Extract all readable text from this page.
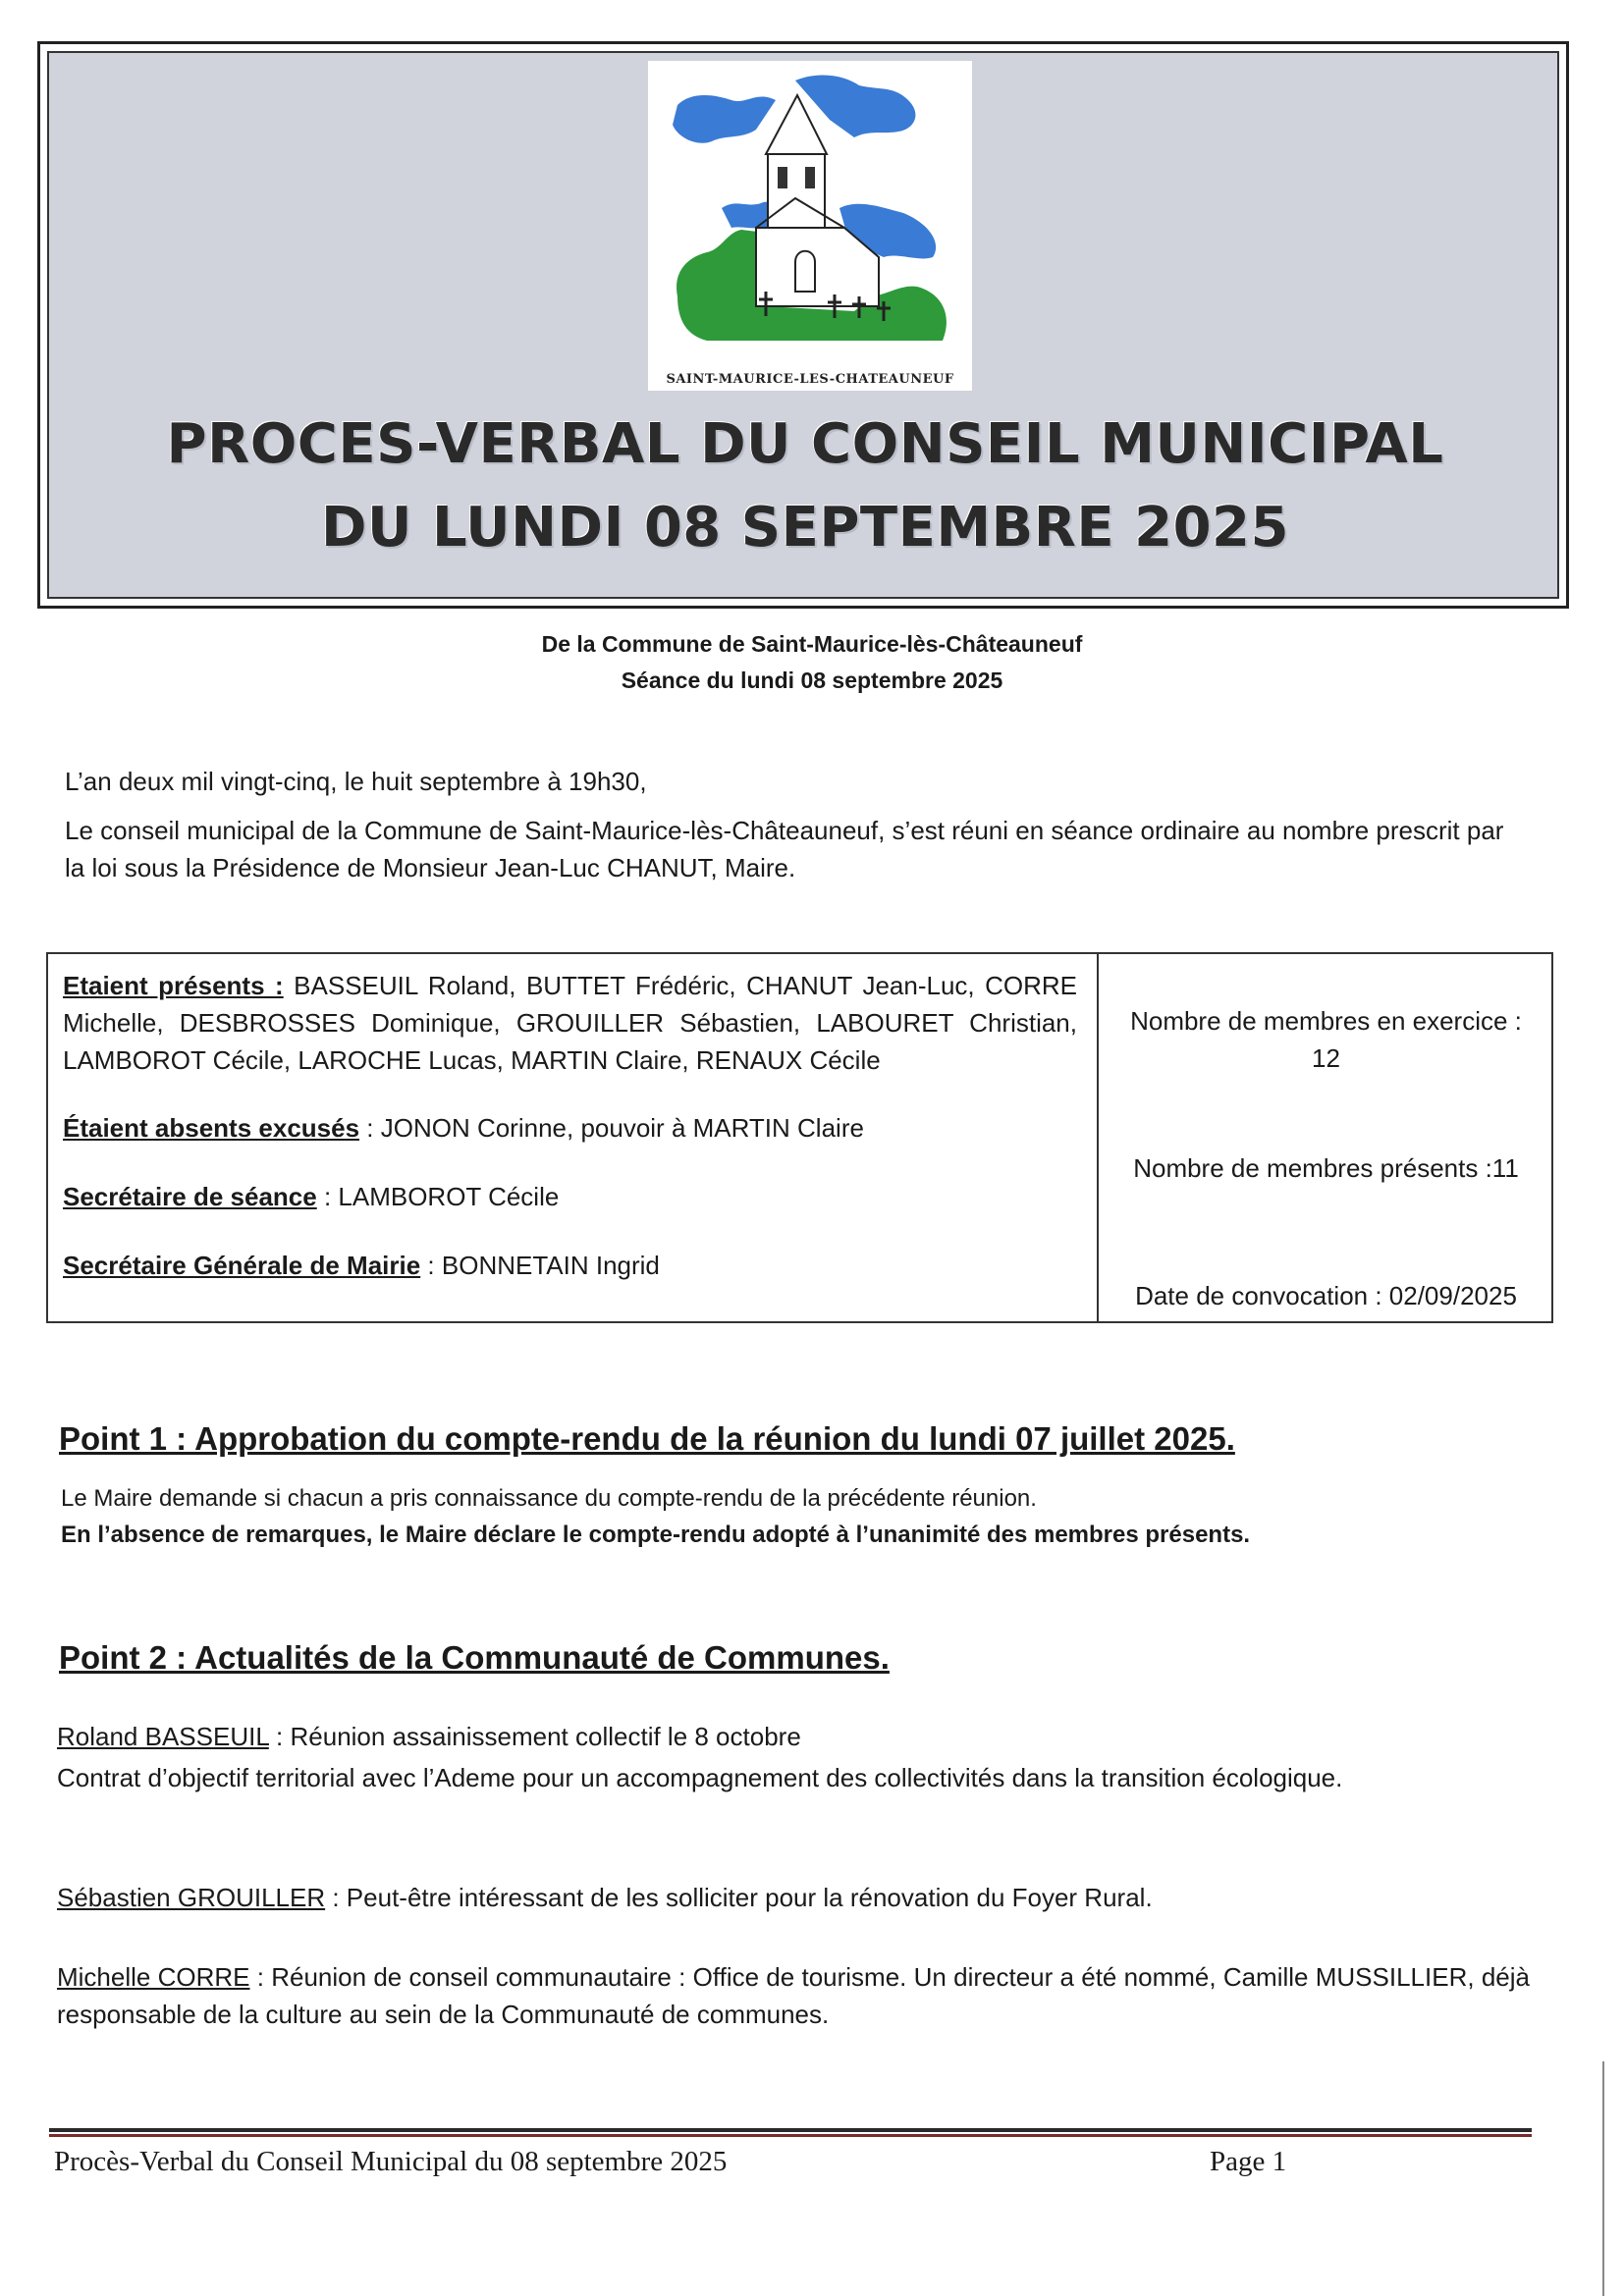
SAINT-MAURICE-LES-CHATEAUNEUF
PROCES-VERBAL DU CONSEIL MUNICIPAL
DU LUNDI 08 SEPTEMBRE 2025
De la Commune de Saint-Maurice-lès-Châteauneuf
Séance du lundi 08 septembre 2025
L’an deux mil vingt-cinq, le huit septembre à 19h30,
Le conseil municipal de la Commune de Saint-Maurice-lès-Châteauneuf, s’est réuni en séance ordinaire au nombre prescrit par la loi sous la Présidence de Monsieur Jean-Luc CHANUT, Maire.
Etaient présents : BASSEUIL Roland, BUTTET Frédéric, CHANUT Jean-Luc, CORRE Michelle, DESBROSSES Dominique, GROUILLER Sébastien, LABOURET Christian, LAMBOROT Cécile, LAROCHE Lucas, MARTIN Claire, RENAUX Cécile
Étaient absents excusés : JONON Corinne, pouvoir à MARTIN Claire
Secrétaire de séance : LAMBOROT Cécile
Secrétaire Générale de Mairie : BONNETAIN Ingrid
Nombre de membres en exercice :
12
Nombre de membres présents :11
Date de convocation : 02/09/2025
Point 1 : Approbation du compte-rendu de la réunion du lundi 07 juillet 2025.
Le Maire demande si chacun a pris connaissance du compte-rendu de la précédente réunion.
En l’absence de remarques, le Maire déclare le compte-rendu adopté à l’unanimité des membres présents.
Point 2 : Actualités de la Communauté de Communes.
Roland BASSEUIL : Réunion assainissement collectif le 8 octobre
Contrat d’objectif territorial avec l’Ademe pour un accompagnement des collectivités dans la transition écologique.
Sébastien GROUILLER : Peut-être intéressant de les solliciter pour la rénovation du Foyer Rural.
Michelle CORRE : Réunion de conseil communautaire : Office de tourisme. Un directeur a été nommé, Camille MUSSILLIER, déjà responsable de la culture au sein de la Communauté de communes.
Procès-Verbal du Conseil Municipal du 08 septembre 2025	Page 1
